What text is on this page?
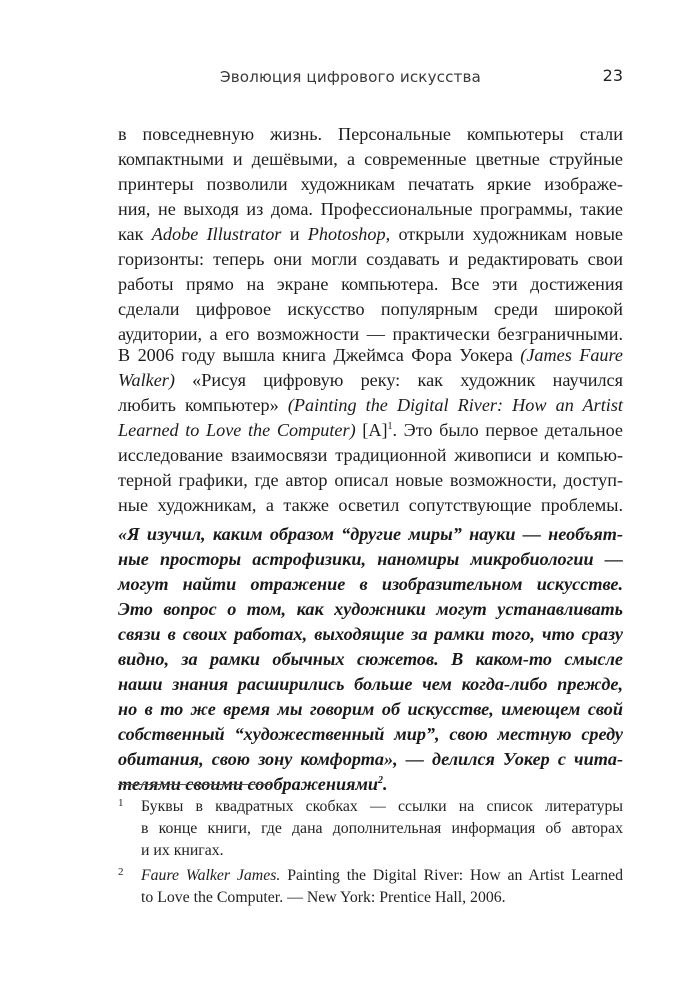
Эволюция цифрового искусства	23
в повседневную жизнь. Персональные компьютеры стали
компактными и дешёвыми, а современные цветные струйные
принтеры позволили художникам печатать яркие изображе-
ния, не выходя из дома. Профессиональные программы, такие
как Adobe Illustrator и Photoshop, открыли художникам новые
горизонты: теперь они могли создавать и редактировать свои
работы прямо на экране компьютера. Все эти достижения
сделали цифровое искусство популярным среди широкой
аудитории, а его возможности — практически безграничными.
В 2006 году вышла книга Джеймса Фора Уокера (James Faure
Walker) «Рисуя цифровую реку: как художник научился
любить компьютер» (Painting the Digital River: How an Artist
Learned to Love the Computer) $[A]^1$. Это было первое детальное
исследование взаимосвязи традиционной живописи и компью-
терной графики, где автор описал новые возможности, доступ-
ные художникам, а также осветил сопутствующие проблемы.
«Я изучил, каким образом “другие миры” науки — необъят-
ные просторы астрофизики, наномиры микробиологии —
могут найти отражение в изобразительном искусстве.
Это вопрос о том, как художники могут устанавливать
связи в своих работах, выходящие за рамки того, что сразу
видно, за рамки обычных сюжетов. В каком-то смысле
наши знания расширились больше чем когда-либо прежде,
но в то же время мы говорим об искусстве, имеющем свой
собственный “художественный мир”, свою местную среду
обитания, свою зону комфорта», — делился Уокер с чита-
телями своими соображениями$^2$.
1 Буквы в квадратных скобках — ссылки на список литературы
в конце книги, где дана дополнительная информация об авторах
и их книгах.
2 Faure Walker James. Painting the Digital River: How an Artist Learned
to Love the Computer. — New York: Prentice Hall, 2006.
